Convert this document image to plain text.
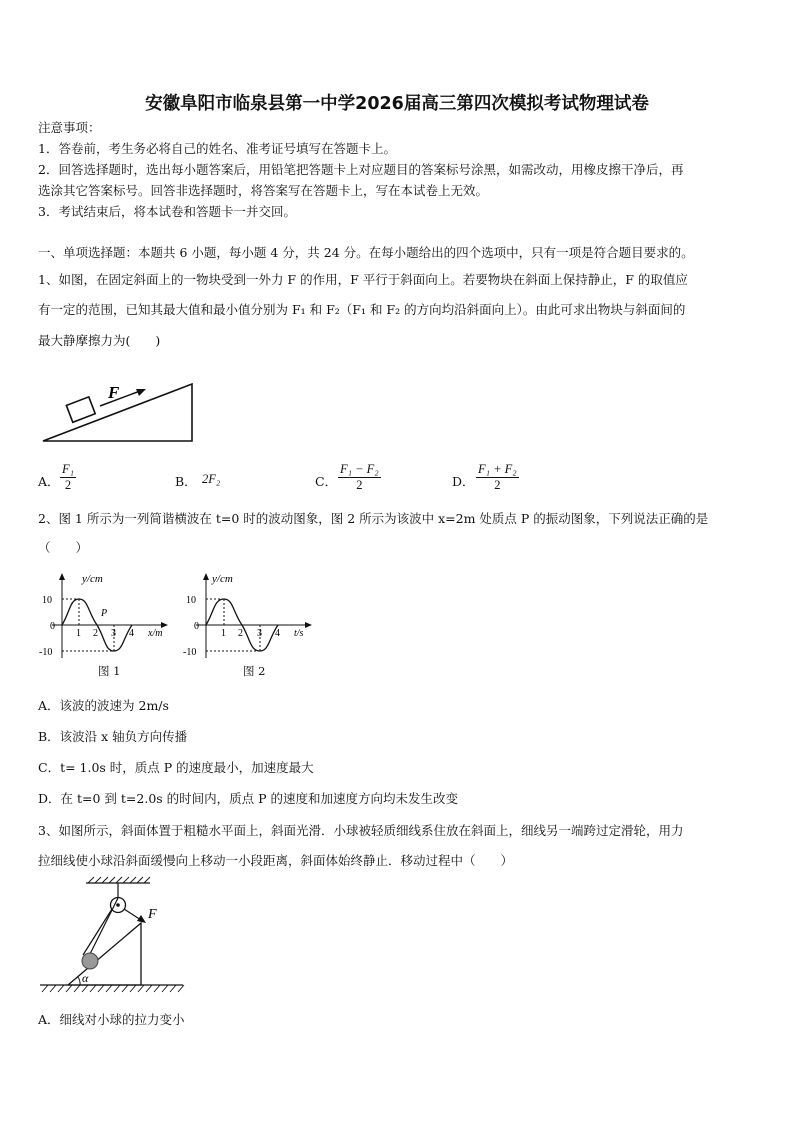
安徽阜阳市临泉县第一中学2026届高三第四次模拟考试物理试卷
注意事项：
1．答卷前，考生务必将自己的姓名、准考证号填写在答题卡上。
2．回答选择题时，选出每小题答案后，用铅笔把答题卡上对应题目的答案标号涂黑，如需改动，用橡皮擦干净后，再
选涂其它答案标号。回答非选择题时，将答案写在答题卡上，写在本试卷上无效。
3．考试结束后，将本试卷和答题卡一并交回。
一、单项选择题：本题共 6 小题，每小题 4 分，共 24 分。在每小题给出的四个选项中，只有一项是符合题目要求的。
1、如图，在固定斜面上的一物块受到一外力 F 的作用，F 平行于斜面向上。若要物块在斜面上保持静止，F 的取值应
有一定的范围，已知其最大值和最小值分别为 F₁ 和 F₂（F₁ 和 F₂ 的方向均沿斜面向上）。由此可求出物块与斜面间的
最大静摩擦力为(　　)
F
A． $\frac{\text{F₁}}{2}$	B． 2F₂	C． $\frac{\text{F₁ − F₂}}{2}$	D． $\frac{\text{F₁ + F₂}}{2}$
2、图 1 所示为一列简谐横波在 t=0 时的波动图象，图 2 所示为该波中 x=2m 处质点 P 的振动图象，下列说法正确的是
（　　）
y/cm
10
0
-10
1 2 3 4 x/m
P
图 1
y/cm
10
0
-10
1 2 3 4 t/s
图 2
A．该波的波速为 2m/s
B．该波沿 x 轴负方向传播
C．t= 1.0s 时，质点 P 的速度最小，加速度最大
D．在 t=0 到 t=2.0s 的时间内，质点 P 的速度和加速度方向均未发生改变
3、如图所示，斜面体置于粗糙水平面上，斜面光滑．小球被轻质细线系住放在斜面上，细线另一端跨过定滑轮，用力
拉细线使小球沿斜面缓慢向上移动一小段距离，斜面体始终静止．移动过程中（　　）
F
α
A．细线对小球的拉力变小
